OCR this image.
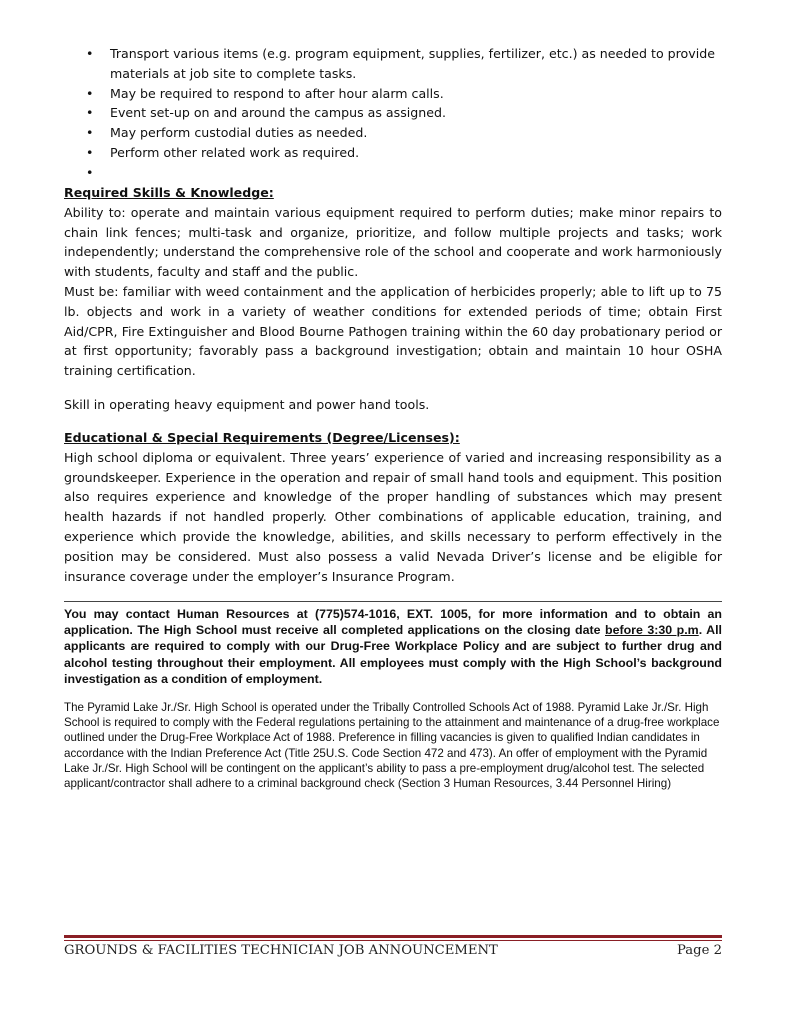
• Transport various items (e.g. program equipment, supplies, fertilizer, etc.) as needed to provide materials at job site to complete tasks.
• May be required to respond to after hour alarm calls.
• Event set-up on and around the campus as assigned.
• May perform custodial duties as needed.
• Perform other related work as required.
•

Required Skills & Knowledge:

Ability to: operate and maintain various equipment required to perform duties; make minor repairs to chain link fences; multi-task and organize, prioritize, and follow multiple projects and tasks; work independently; understand the comprehensive role of the school and cooperate and work harmoniously with students, faculty and staff and the public.

Must be: familiar with weed containment and the application of herbicides properly; able to lift up to 75 lb. objects and work in a variety of weather conditions for extended periods of time; obtain First Aid/CPR, Fire Extinguisher and Blood Bourne Pathogen training within the 60 day probationary period or at first opportunity; favorably pass a background investigation; obtain and maintain 10 hour OSHA training certification.

Skill in operating heavy equipment and power hand tools.
Educational & Special Requirements (Degree/Licenses):

High school diploma or equivalent. Three years’ experience of varied and increasing responsibility as a groundskeeper. Experience in the operation and repair of small hand tools and equipment. This position also requires experience and knowledge of the proper handling of substances which may present health hazards if not handled properly. Other combinations of applicable education, training, and experience which provide the knowledge, abilities, and skills necessary to perform effectively in the position may be considered. Must also possess a valid Nevada Driver’s license and be eligible for insurance coverage under the employer’s Insurance Program.

You may contact Human Resources at (775)574-1016, EXT. 1005, for more information and to obtain an application. The High School must receive all completed applications on the closing date before 3:30 p.m. All applicants are required to comply with our Drug-Free Workplace Policy and are subject to further drug and alcohol testing throughout their employment. All employees must comply with the High School’s background investigation as a condition of employment.
The Pyramid Lake Jr./Sr. High School is operated under the Tribally Controlled Schools Act of 1988. Pyramid Lake Jr./Sr. High School is required to comply with the Federal regulations pertaining to the attainment and maintenance of a drug-free workplace outlined under the Drug-Free Workplace Act of 1988. Preference in filling vacancies is given to qualified Indian candidates in accordance with the Indian Preference Act (Title 25U.S. Code Section 472 and 473). An offer of employment with the Pyramid Lake Jr./Sr. High School will be contingent on the applicant’s ability to pass a pre-employment drug/alcohol test. The selected applicant/contractor shall adhere to a criminal background check (Section 3 Human Resources, 3.44 Personnel Hiring)
GROUNDS & FACILITIES TECHNICIAN JOB ANNOUNCEMENT	Page 2
